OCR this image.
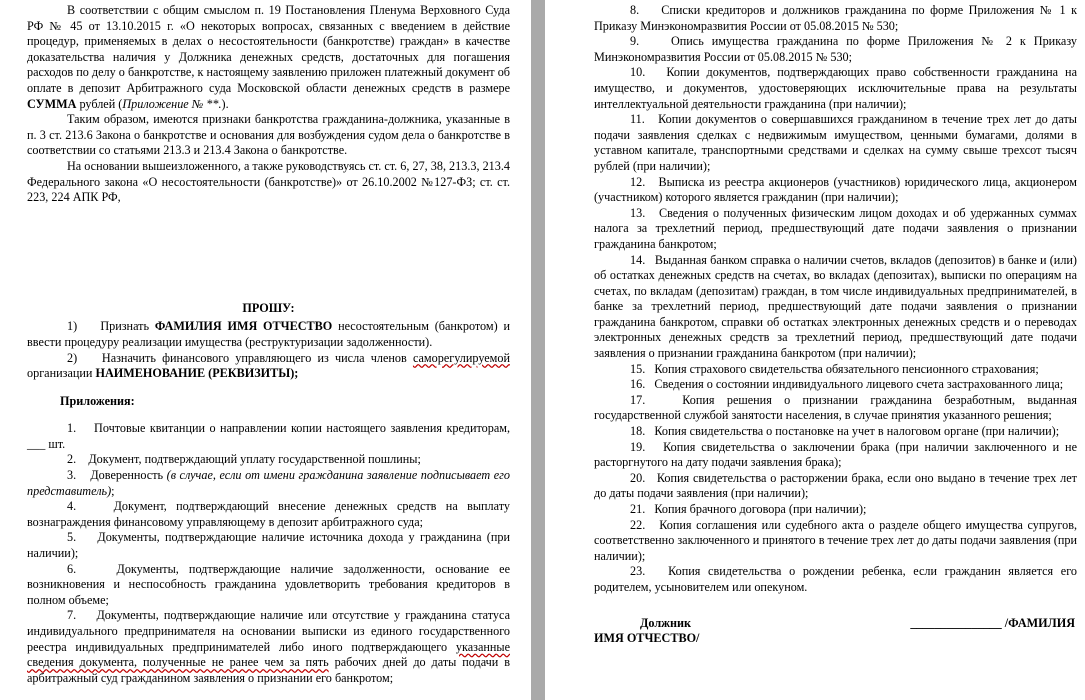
В соответствии с общим смыслом п. 19 Постановления Пленума Верховного Суда РФ № 45 от 13.10.2015 г. «О некоторых вопросах, связанных с введением в действие процедур, применяемых в делах о несостоятельности (банкротстве) граждан» в качестве доказательства наличия у Должника денежных средств, достаточных для погашения расходов по делу о банкротстве, к настоящему заявлению приложен платежный документ об оплате в депозит Арбитражного суда Московской области денежных средств в размере СУММА рублей (Приложение № **.).

Таким образом, имеются признаки банкротства гражданина-должника, указанные в п. 3 ст. 213.6 Закона о банкротстве и основания для возбуждения судом дела о банкротстве в соответствии со статьями 213.3 и 213.4 Закона о банкротстве.

На основании вышеизложенного, а также руководствуясь ст. ст. 6, 27, 38, 213.3, 213.4 Федерального закона «О несостоятельности (банкротстве)» от 26.10.2002 №127-ФЗ; ст. ст. 223, 224 АПК РФ,

ПРОШУ:

1)    Признать ФАМИЛИЯ ИМЯ ОТЧЕСТВО несостоятельным (банкротом) и ввести процедуру реализации имущества (реструктуризации задолженности).

2)    Назначить финансового управляющего из числа членов саморегулируемой организации НАИМЕНОВАНИЕ (РЕКВИЗИТЫ);

Приложения:

1.    Почтовые квитанции о направлении копии настоящего заявления кредиторам, ___ шт.

2.    Документ, подтверждающий уплату государственной пошлины;

3.    Доверенность (в случае, если от имени гражданина заявление подписывает его представитель);

4.    Документ, подтверждающий внесение денежных средств на выплату вознаграждения финансовому управляющему в депозит арбитражного суда;

5.    Документы, подтверждающие наличие источника дохода у гражданина (при наличии);

6.    Документы, подтверждающие наличие задолженности, основание ее возникновения и неспособность гражданина удовлетворить требования кредиторов в полном объеме;

7.    Документы, подтверждающие наличие или отсутствие у гражданина статуса индивидуального предпринимателя на основании выписки из единого государственного реестра индивидуальных предпринимателей либо иного подтверждающего указанные сведения документа, полученные не ранее чем за пять рабочих дней до даты подачи в арбитражный суд гражданином заявления о признании его банкротом;

8.    Списки кредиторов и должников гражданина по форме Приложения № 1 к Приказу Минэкономразвития России от 05.08.2015 № 530;

9.    Опись имущества гражданина по форме Приложения № 2 к Приказу Минэкономразвития России от 05.08.2015 № 530;

10.   Копии документов, подтверждающих право собственности гражданина на имущество, и документов, удостоверяющих исключительные права на результаты интеллектуальной деятельности гражданина (при наличии);

11.   Копии документов о совершавшихся гражданином в течение трех лет до даты подачи заявления сделках с недвижимым имуществом, ценными бумагами, долями в уставном капитале, транспортными средствами и сделках на сумму свыше трехсот тысяч рублей (при наличии);

12.   Выписка из реестра акционеров (участников) юридического лица, акционером (участником) которого является гражданин (при наличии);

13.   Сведения о полученных физическим лицом доходах и об удержанных суммах налога за трехлетний период, предшествующий дате подачи заявления о признании гражданина банкротом;

14.   Выданная банком справка о наличии счетов, вкладов (депозитов) в банке и (или) об остатках денежных средств на счетах, во вкладах (депозитах), выписки по операциям на счетах, по вкладам (депозитам) граждан, в том числе индивидуальных предпринимателей, в банке за трехлетний период, предшествующий дате подачи заявления о признании гражданина банкротом, справки об остатках электронных денежных средств и о переводах электронных денежных средств за трехлетний период, предшествующий дате подачи заявления о признании гражданина банкротом (при наличии);

15.   Копия страхового свидетельства обязательного пенсионного страхования;

16.   Сведения о состоянии индивидуального лицевого счета застрахованного лица;

17.   Копия решения о признании гражданина безработным, выданная государственной службой занятости населения, в случае принятия указанного решения;

18.   Копия свидетельства о постановке на учет в налоговом органе (при наличии);

19.   Копия свидетельства о заключении брака (при наличии заключенного и не расторгнутого на дату подачи заявления брака);

20.   Копия свидетельства о расторжении брака, если оно выдано в течение трех лет до даты подачи заявления (при наличии);

21.   Копия брачного договора (при наличии);

22.   Копия соглашения или судебного акта о разделе общего имущества супругов, соответственно заключенного и принятого в течение трех лет до даты подачи заявления (при наличии);

23.   Копия свидетельства о рождении ребенка, если гражданин является его родителем, усыновителем или опекуном.

Должник	_______________ /ФАМИЛИЯ
ИМЯ ОТЧЕСТВО/
